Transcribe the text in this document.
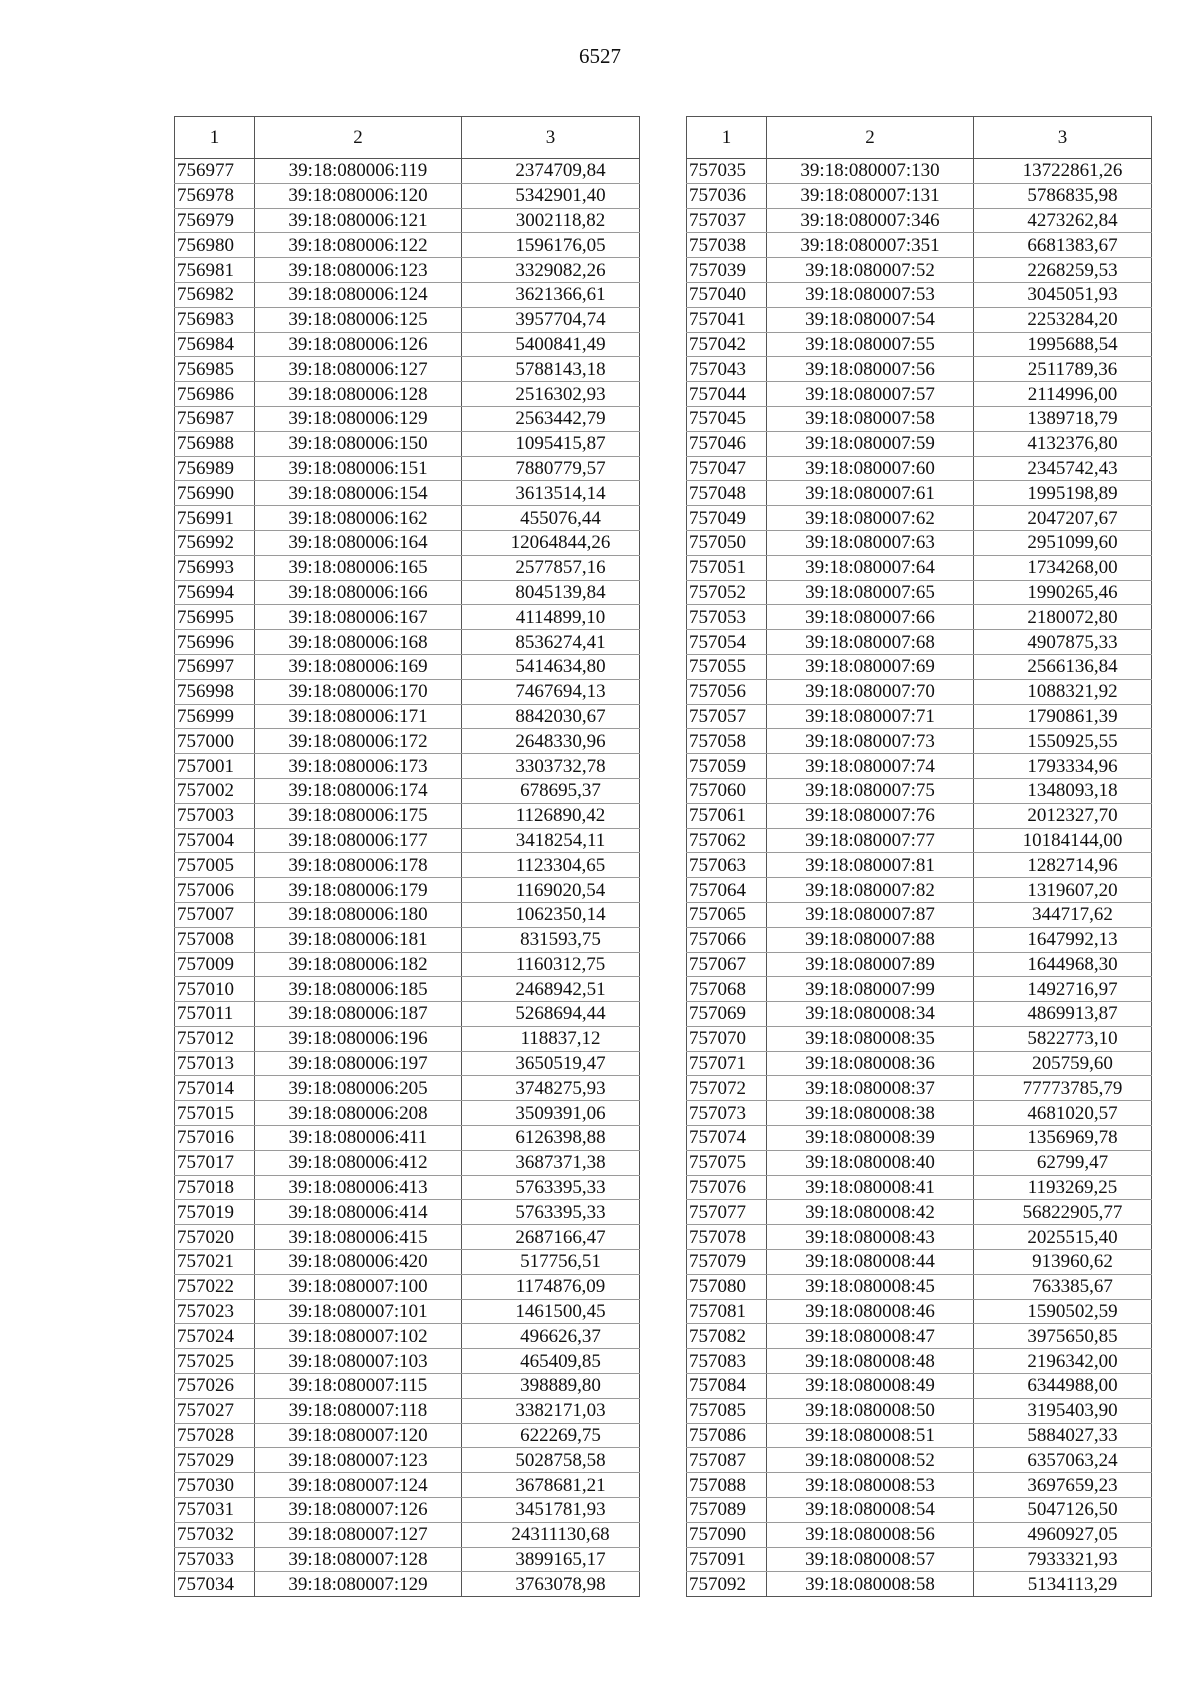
6527
1	2	3
756977	39:18:080006:119	2374709,84
756978	39:18:080006:120	5342901,40
756979	39:18:080006:121	3002118,82
756980	39:18:080006:122	1596176,05
756981	39:18:080006:123	3329082,26
756982	39:18:080006:124	3621366,61
756983	39:18:080006:125	3957704,74
756984	39:18:080006:126	5400841,49
756985	39:18:080006:127	5788143,18
756986	39:18:080006:128	2516302,93
756987	39:18:080006:129	2563442,79
756988	39:18:080006:150	1095415,87
756989	39:18:080006:151	7880779,57
756990	39:18:080006:154	3613514,14
756991	39:18:080006:162	455076,44
756992	39:18:080006:164	12064844,26
756993	39:18:080006:165	2577857,16
756994	39:18:080006:166	8045139,84
756995	39:18:080006:167	4114899,10
756996	39:18:080006:168	8536274,41
756997	39:18:080006:169	5414634,80
756998	39:18:080006:170	7467694,13
756999	39:18:080006:171	8842030,67
757000	39:18:080006:172	2648330,96
757001	39:18:080006:173	3303732,78
757002	39:18:080006:174	678695,37
757003	39:18:080006:175	1126890,42
757004	39:18:080006:177	3418254,11
757005	39:18:080006:178	1123304,65
757006	39:18:080006:179	1169020,54
757007	39:18:080006:180	1062350,14
757008	39:18:080006:181	831593,75
757009	39:18:080006:182	1160312,75
757010	39:18:080006:185	2468942,51
757011	39:18:080006:187	5268694,44
757012	39:18:080006:196	118837,12
757013	39:18:080006:197	3650519,47
757014	39:18:080006:205	3748275,93
757015	39:18:080006:208	3509391,06
757016	39:18:080006:411	6126398,88
757017	39:18:080006:412	3687371,38
757018	39:18:080006:413	5763395,33
757019	39:18:080006:414	5763395,33
757020	39:18:080006:415	2687166,47
757021	39:18:080006:420	517756,51
757022	39:18:080007:100	1174876,09
757023	39:18:080007:101	1461500,45
757024	39:18:080007:102	496626,37
757025	39:18:080007:103	465409,85
757026	39:18:080007:115	398889,80
757027	39:18:080007:118	3382171,03
757028	39:18:080007:120	622269,75
757029	39:18:080007:123	5028758,58
757030	39:18:080007:124	3678681,21
757031	39:18:080007:126	3451781,93
757032	39:18:080007:127	24311130,68
757033	39:18:080007:128	3899165,17
757034	39:18:080007:129	3763078,98
1	2	3
757035	39:18:080007:130	13722861,26
757036	39:18:080007:131	5786835,98
757037	39:18:080007:346	4273262,84
757038	39:18:080007:351	6681383,67
757039	39:18:080007:52	2268259,53
757040	39:18:080007:53	3045051,93
757041	39:18:080007:54	2253284,20
757042	39:18:080007:55	1995688,54
757043	39:18:080007:56	2511789,36
757044	39:18:080007:57	2114996,00
757045	39:18:080007:58	1389718,79
757046	39:18:080007:59	4132376,80
757047	39:18:080007:60	2345742,43
757048	39:18:080007:61	1995198,89
757049	39:18:080007:62	2047207,67
757050	39:18:080007:63	2951099,60
757051	39:18:080007:64	1734268,00
757052	39:18:080007:65	1990265,46
757053	39:18:080007:66	2180072,80
757054	39:18:080007:68	4907875,33
757055	39:18:080007:69	2566136,84
757056	39:18:080007:70	1088321,92
757057	39:18:080007:71	1790861,39
757058	39:18:080007:73	1550925,55
757059	39:18:080007:74	1793334,96
757060	39:18:080007:75	1348093,18
757061	39:18:080007:76	2012327,70
757062	39:18:080007:77	10184144,00
757063	39:18:080007:81	1282714,96
757064	39:18:080007:82	1319607,20
757065	39:18:080007:87	344717,62
757066	39:18:080007:88	1647992,13
757067	39:18:080007:89	1644968,30
757068	39:18:080007:99	1492716,97
757069	39:18:080008:34	4869913,87
757070	39:18:080008:35	5822773,10
757071	39:18:080008:36	205759,60
757072	39:18:080008:37	77773785,79
757073	39:18:080008:38	4681020,57
757074	39:18:080008:39	1356969,78
757075	39:18:080008:40	62799,47
757076	39:18:080008:41	1193269,25
757077	39:18:080008:42	56822905,77
757078	39:18:080008:43	2025515,40
757079	39:18:080008:44	913960,62
757080	39:18:080008:45	763385,67
757081	39:18:080008:46	1590502,59
757082	39:18:080008:47	3975650,85
757083	39:18:080008:48	2196342,00
757084	39:18:080008:49	6344988,00
757085	39:18:080008:50	3195403,90
757086	39:18:080008:51	5884027,33
757087	39:18:080008:52	6357063,24
757088	39:18:080008:53	3697659,23
757089	39:18:080008:54	5047126,50
757090	39:18:080008:56	4960927,05
757091	39:18:080008:57	7933321,93
757092	39:18:080008:58	5134113,29
